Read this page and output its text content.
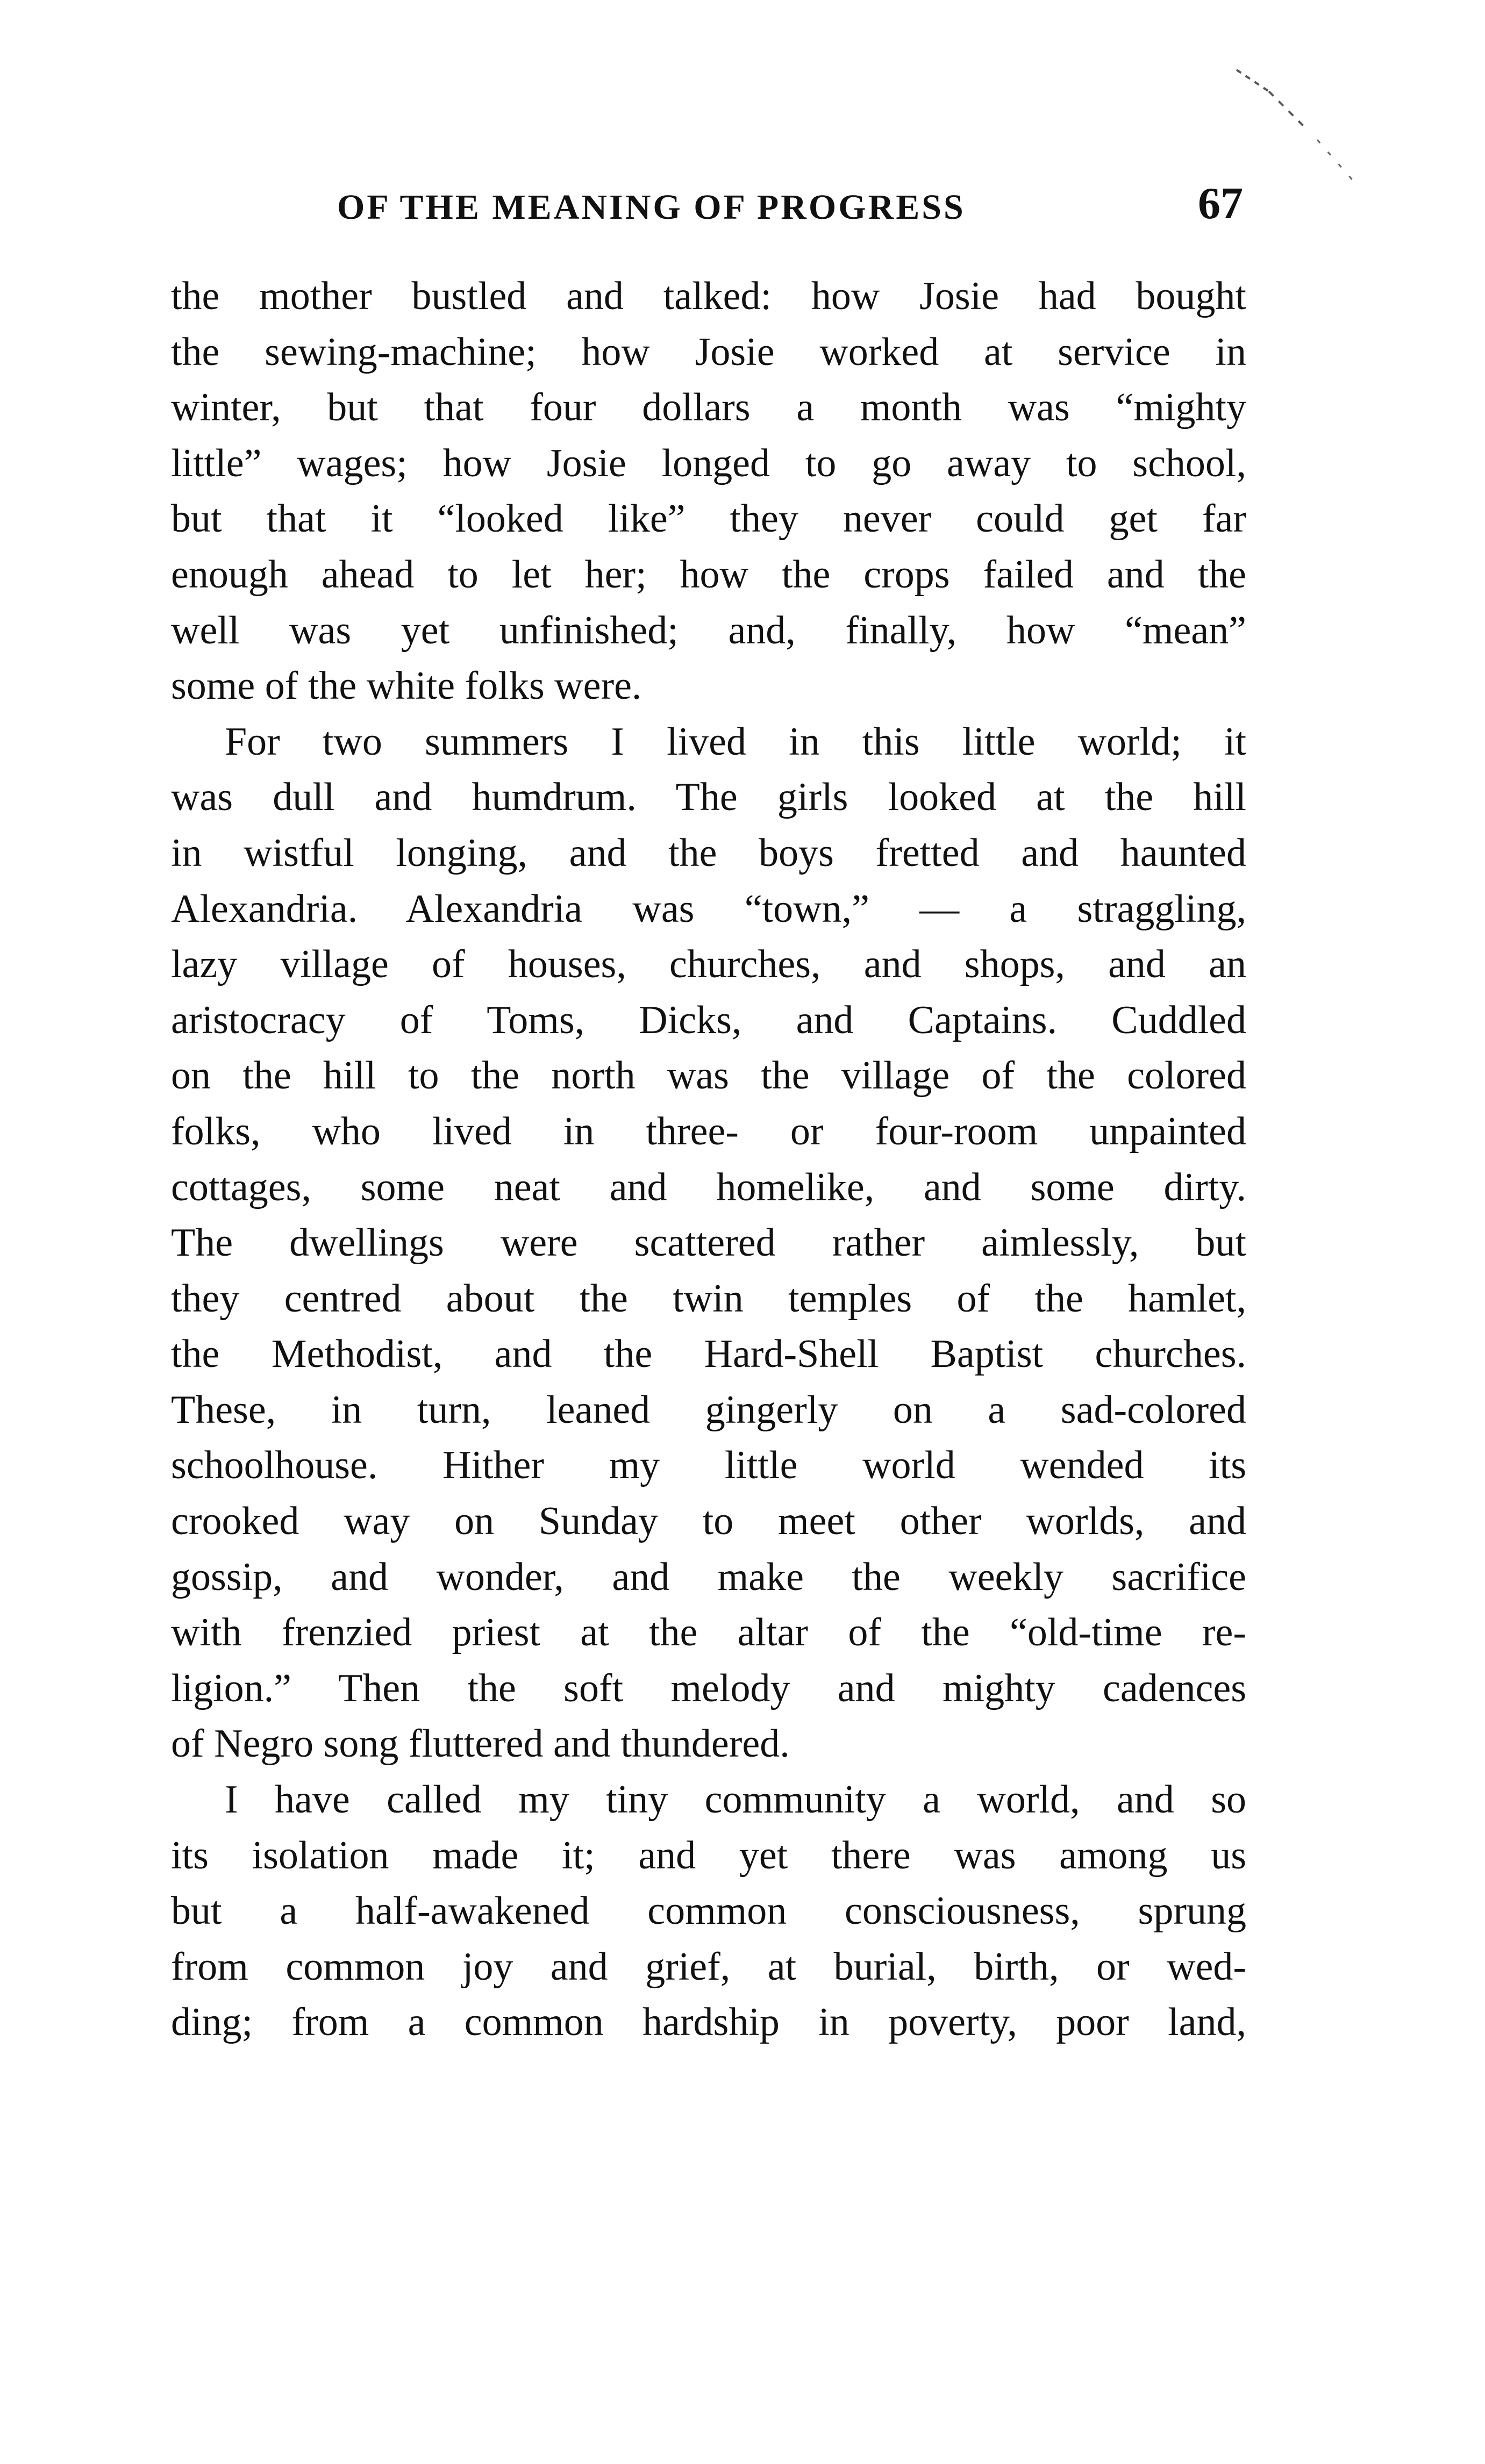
OF THE MEANING OF PROGRESS	67
the mother bustled and talked: how Josie had bought
the sewing-machine; how Josie worked at service in
winter, but that four dollars a month was “mighty
little” wages; how Josie longed to go away to school,
but that it “looked like” they never could get far
enough ahead to let her; how the crops failed and the
well was yet unfinished; and, finally, how “mean”
some of the white folks were.
For two summers I lived in this little world; it
was dull and humdrum. The girls looked at the hill
in wistful longing, and the boys fretted and haunted
Alexandria. Alexandria was “town,” — a straggling,
lazy village of houses, churches, and shops, and an
aristocracy of Toms, Dicks, and Captains. Cuddled
on the hill to the north was the village of the colored
folks, who lived in three- or four-room unpainted
cottages, some neat and homelike, and some dirty.
The dwellings were scattered rather aimlessly, but
they centred about the twin temples of the hamlet,
the Methodist, and the Hard-Shell Baptist churches.
These, in turn, leaned gingerly on a sad-colored
schoolhouse. Hither my little world wended its
crooked way on Sunday to meet other worlds, and
gossip, and wonder, and make the weekly sacrifice
with frenzied priest at the altar of the “old-time re-
ligion.” Then the soft melody and mighty cadences
of Negro song fluttered and thundered.
I have called my tiny community a world, and so
its isolation made it; and yet there was among us
but a half-awakened common consciousness, sprung
from common joy and grief, at burial, birth, or wed-
ding; from a common hardship in poverty, poor land,
